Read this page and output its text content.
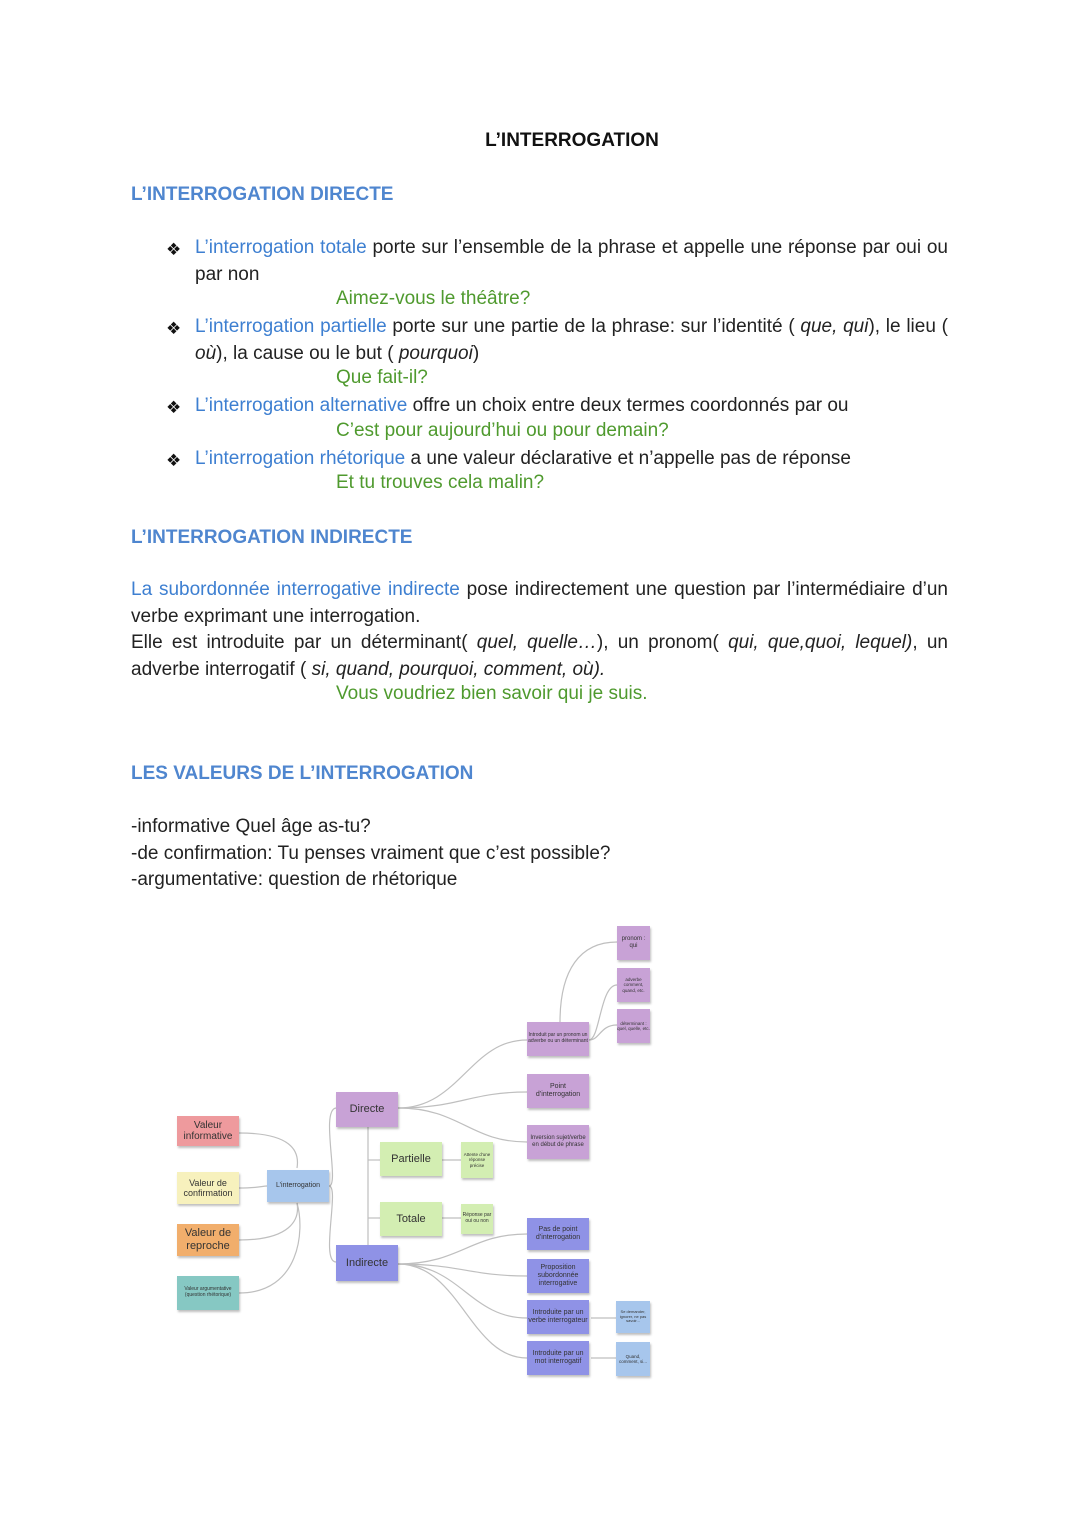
L’INTERROGATION
L’INTERROGATION DIRECTE
❖ L’interrogation totale porte sur l’ensemble de la phrase et appelle une réponse par oui ou par non
Aimez-vous le théâtre?
❖ L’interrogation partielle porte sur une partie de la phrase: sur l’identité ( que, qui), le lieu ( où), la cause ou le but ( pourquoi)
Que fait-il?
❖ L’interrogation alternative offre un choix entre deux termes coordonnés par ou
C’est pour aujourd’hui ou pour demain?
❖ L’interrogation rhétorique a une valeur déclarative et n’appelle pas de réponse
Et tu trouves cela malin?
L’INTERROGATION INDIRECTE
La subordonnée interrogative indirecte pose indirectement une question par l’intermédiaire d’un verbe exprimant une interrogation.
Elle est introduite par un déterminant( quel, quelle…), un pronom( qui, que,quoi, lequel), un adverbe interrogatif ( si, quand, pourquoi, comment, où).
Vous voudriez bien savoir qui je suis.
LES VALEURS DE L’INTERROGATION
-informative Quel âge as-tu?
-de confirmation: Tu penses vraiment que c’est possible?
-argumentative: question de rhétorique
Valeur informative
Valeur de confirmation
Valeur de reproche
Valeur argumentative (question rhétorique)
L’interrogation
Directe
Indirecte
Partielle
Totale
Attente d’une réponse précise
Réponse par oui ou non
Introduit par un pronom un adverbe ou un déterminant
Point d’interrogation
Inversion sujet/verbe en début de phrase
pronom : qui
adverbe comment, quand, etc.
déterminant : quel, quelle, etc.
Pas de point d’interrogation
Proposition subordonnée interrogative
Introduite par un verbe interrogateur
Introduite par un mot interrogatif
Se demander, ignorer, ne pas savoir...
Quand, comment, si...
